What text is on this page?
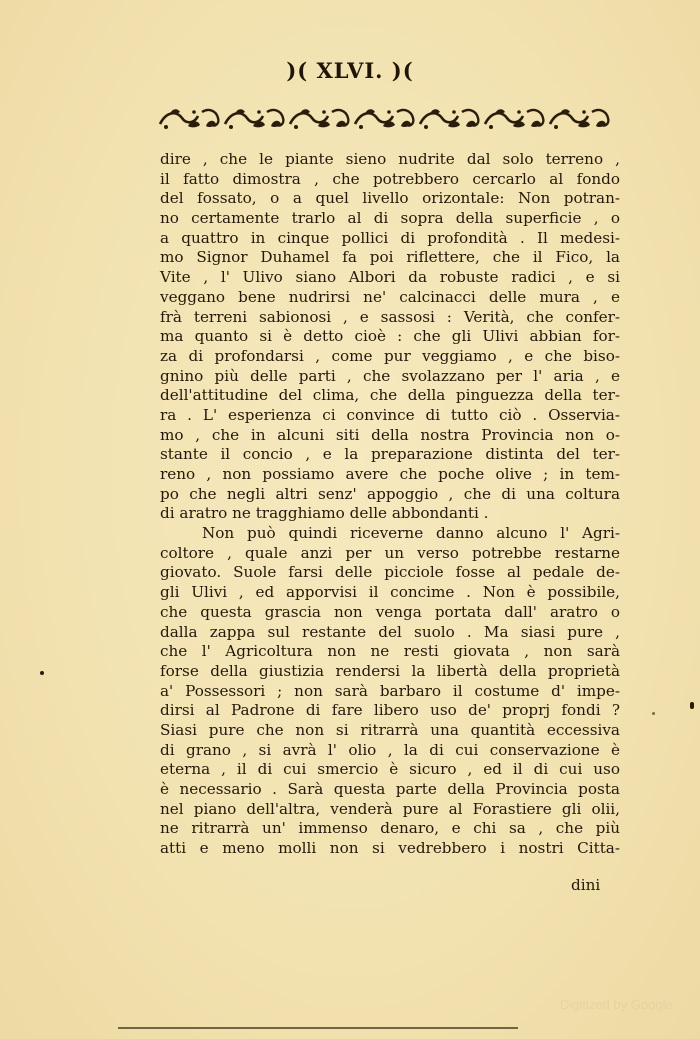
)( XLVI. )(
dire , che le piante sieno nudrite dal solo terreno ,
il fatto dimostra , che potrebbero cercarlo al fondo
del fossato, o a quel livello orizontale: Non potran-
no certamente trarlo al di sopra della superficie , o
a quattro in cinque pollici di profondità . Il medesi-
mo Signor Duhamel fa poi riflettere, che il Fico, la
Vite , l' Ulivo siano Albori da robuste radici , e si
veggano bene nudrirsi ne' calcinacci delle mura , e
frà terreni sabionosi , e sassosi : Verità, che confer-
ma quanto si è detto cioè : che gli Ulivi abbian for-
za di profondarsi , come pur veggiamo , e che biso-
gnino più delle parti , che svolazzano per l' aria , e
dell'attitudine del clima, che della pinguezza della ter-
ra . L' esperienza ci convince di tutto ciò . Osservia-
mo , che in alcuni siti della nostra Provincia non o-
stante il concio , e la preparazione distinta del ter-
reno , non possiamo avere che poche olive ; in tem-
po che negli altri senz' appoggio , che di una coltura
di aratro ne tragghiamo delle abbondanti .
Non può quindi riceverne danno alcuno l' Agri-
coltore , quale anzi per un verso potrebbe restarne
giovato. Suole farsi delle picciole fosse al pedale de-
gli Ulivi , ed apporvisi il concime . Non è possibile,
che questa grascia non venga portata dall' aratro o
dalla zappa sul restante del suolo . Ma siasi pure ,
che l' Agricoltura non ne resti giovata , non sarà
forse della giustizia rendersi la libertà della proprietà
a' Possessori ; non sarà barbaro il costume d' impe-
dirsi al Padrone di fare libero uso de' proprj fondi ?
Siasi pure che non si ritrarrà una quantità eccessiva
di grano , si avrà l' olio , la di cui conservazione è
eterna , il di cui smercio è sicuro , ed il di cui uso
è necessario . Sarà questa parte della Provincia posta
nel piano dell'altra, venderà pure al Forastiere gli olii,
ne ritrarrà un' immenso denaro, e chi sa , che più
atti e meno molli non si vedrebbero i nostri Citta-
dini
Digitized by Google
